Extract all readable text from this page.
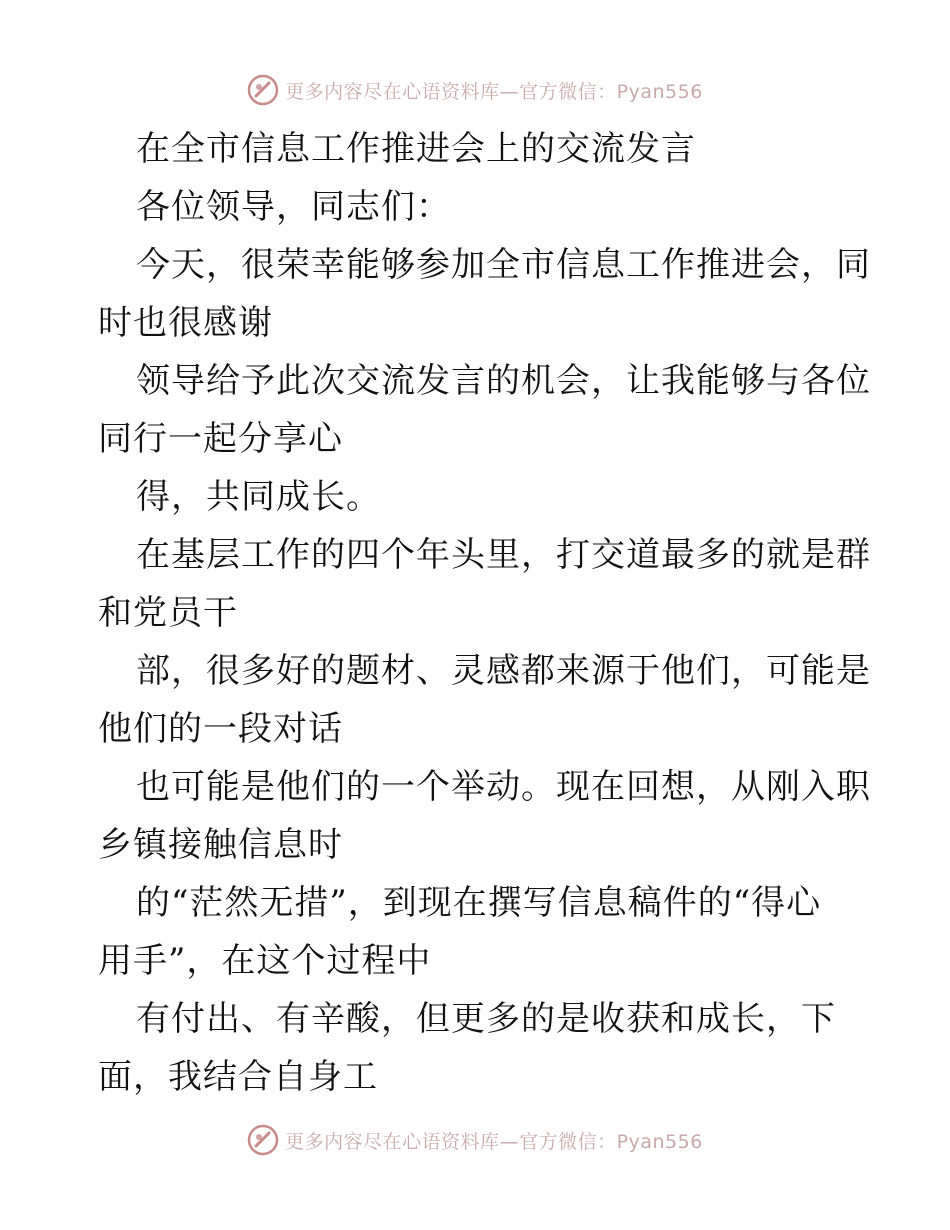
更多内容尽在心语资料库—官方微信：Pyan556
在全市信息工作推进会上的交流发言
各位领导，同志们：
今天，很荣幸能够参加全市信息工作推进会，同
时也很感谢
领导给予此次交流发言的机会，让我能够与各位
同行一起分享心
得，共同成长。
在基层工作的四个年头里，打交道最多的就是群
和党员干
部，很多好的题材、灵感都来源于他们，可能是
他们的一段对话
也可能是他们的一个举动。现在回想，从刚入职
乡镇接触信息时
的“茫然无措”，到现在撰写信息稿件的“得心
用手”，在这个过程中
有付出、有辛酸，但更多的是收获和成长，下
面，我结合自身工
更多内容尽在心语资料库—官方微信：Pyan556
